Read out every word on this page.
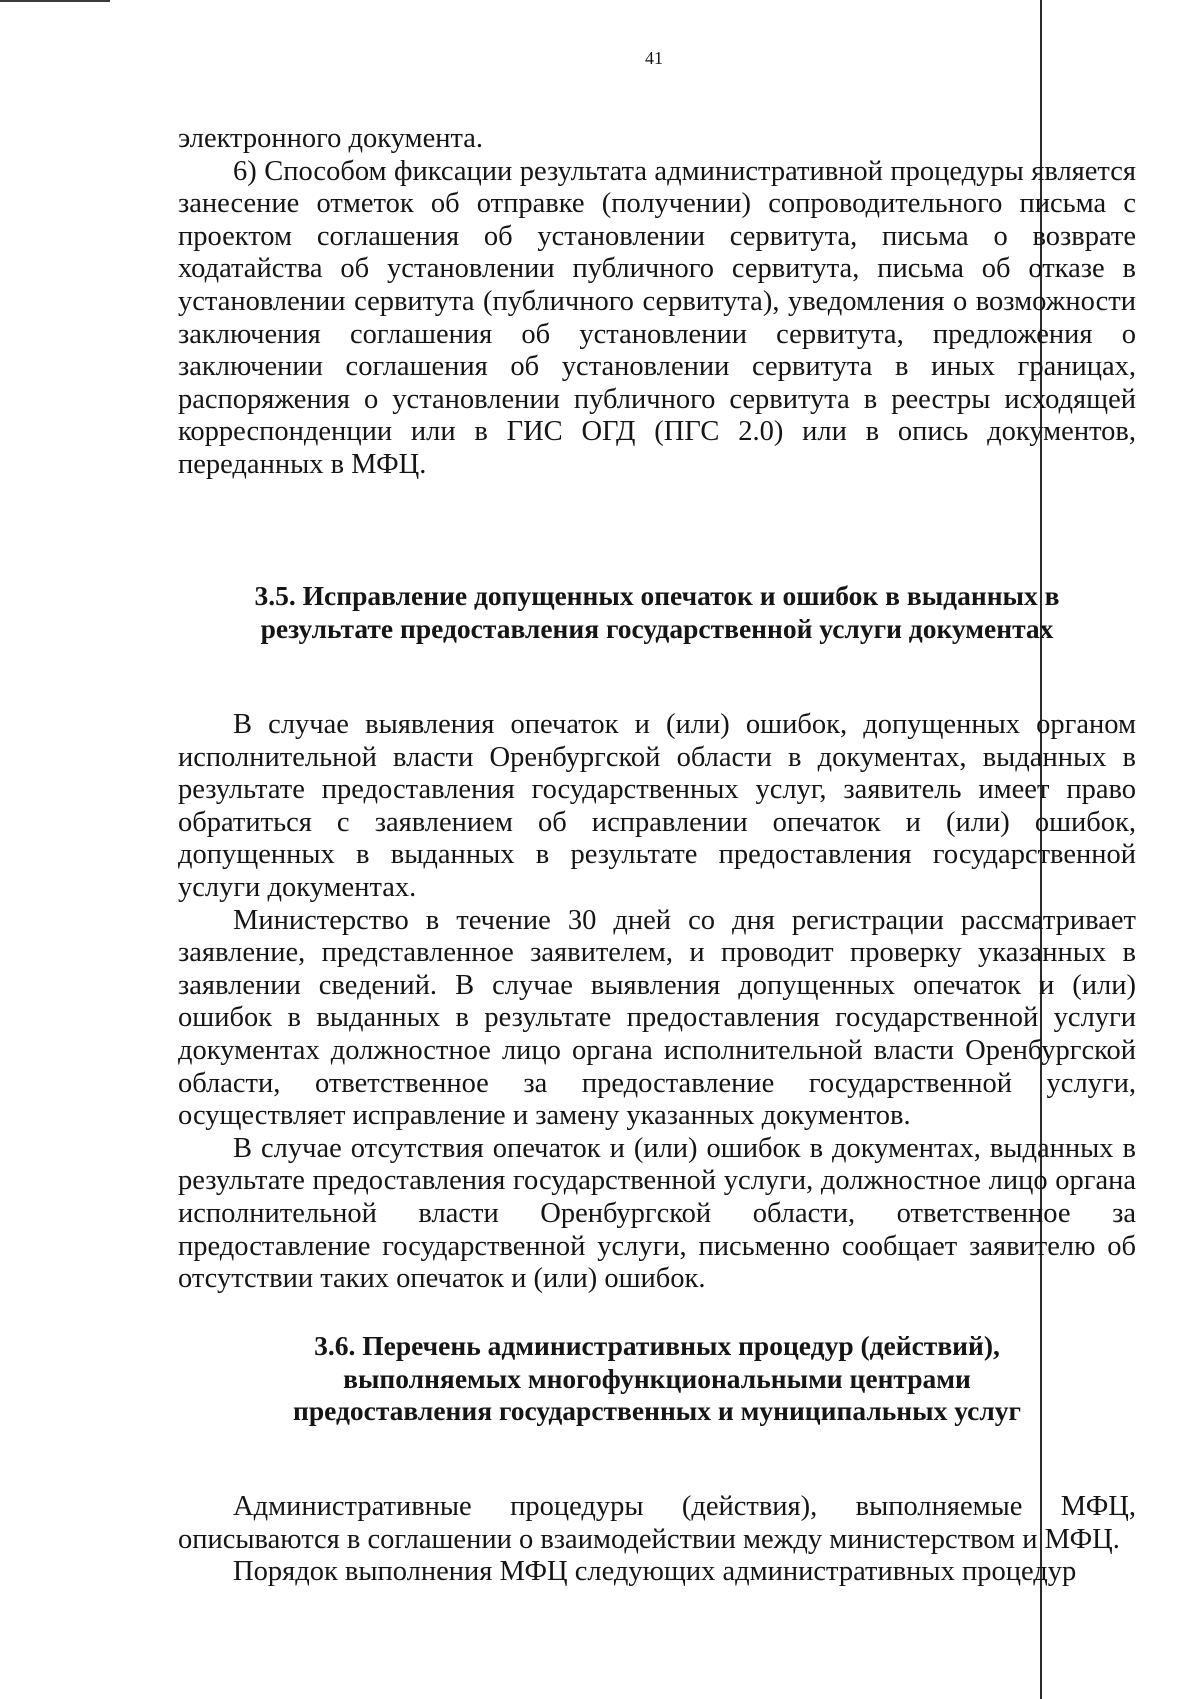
41

электронного документа.

6) Способом фиксации результата административной процедуры является занесение отметок об отправке (получении) сопроводительного письма с проектом соглашения об установлении сервитута, письма о возврате ходатайства об установлении публичного сервитута, письма об отказе в установлении сервитута (публичного сервитута), уведомления о возможности заключения соглашения об установлении сервитута, предложения о заключении соглашения об установлении сервитута в иных границах, распоряжения о установлении публичного сервитута в реестры исходящей корреспонденции или в ГИС ОГД (ПГС 2.0) или в опись документов, переданных в МФЦ.

3.5. Исправление допущенных опечаток и ошибок в выданных в
результате предоставления государственной услуги документах

В случае выявления опечаток и (или) ошибок, допущенных органом исполнительной власти Оренбургской области в документах, выданных в результате предоставления государственных услуг, заявитель имеет право обратиться с заявлением об исправлении опечаток и (или) ошибок, допущенных в выданных в результате предоставления государственной услуги документах.

Министерство в течение 30 дней со дня регистрации рассматривает заявление, представленное заявителем, и проводит проверку указанных в заявлении сведений. В случае выявления допущенных опечаток и (или) ошибок в выданных в результате предоставления государственной услуги документах должностное лицо органа исполнительной власти Оренбургской области, ответственное за предоставление государственной услуги, осуществляет исправление и замену указанных документов.

В случае отсутствия опечаток и (или) ошибок в документах, выданных в результате предоставления государственной услуги, должностное лицо органа исполнительной власти Оренбургской области, ответственное за предоставление государственной услуги, письменно сообщает заявителю об отсутствии таких опечаток и (или) ошибок.

3.6. Перечень административных процедур (действий),
выполняемых многофункциональными центрами
предоставления государственных и муниципальных услуг

Административные процедуры (действия), выполняемые МФЦ, описываются в соглашении о взаимодействии между министерством и МФЦ.

Порядок выполнения МФЦ следующих административных процедур
